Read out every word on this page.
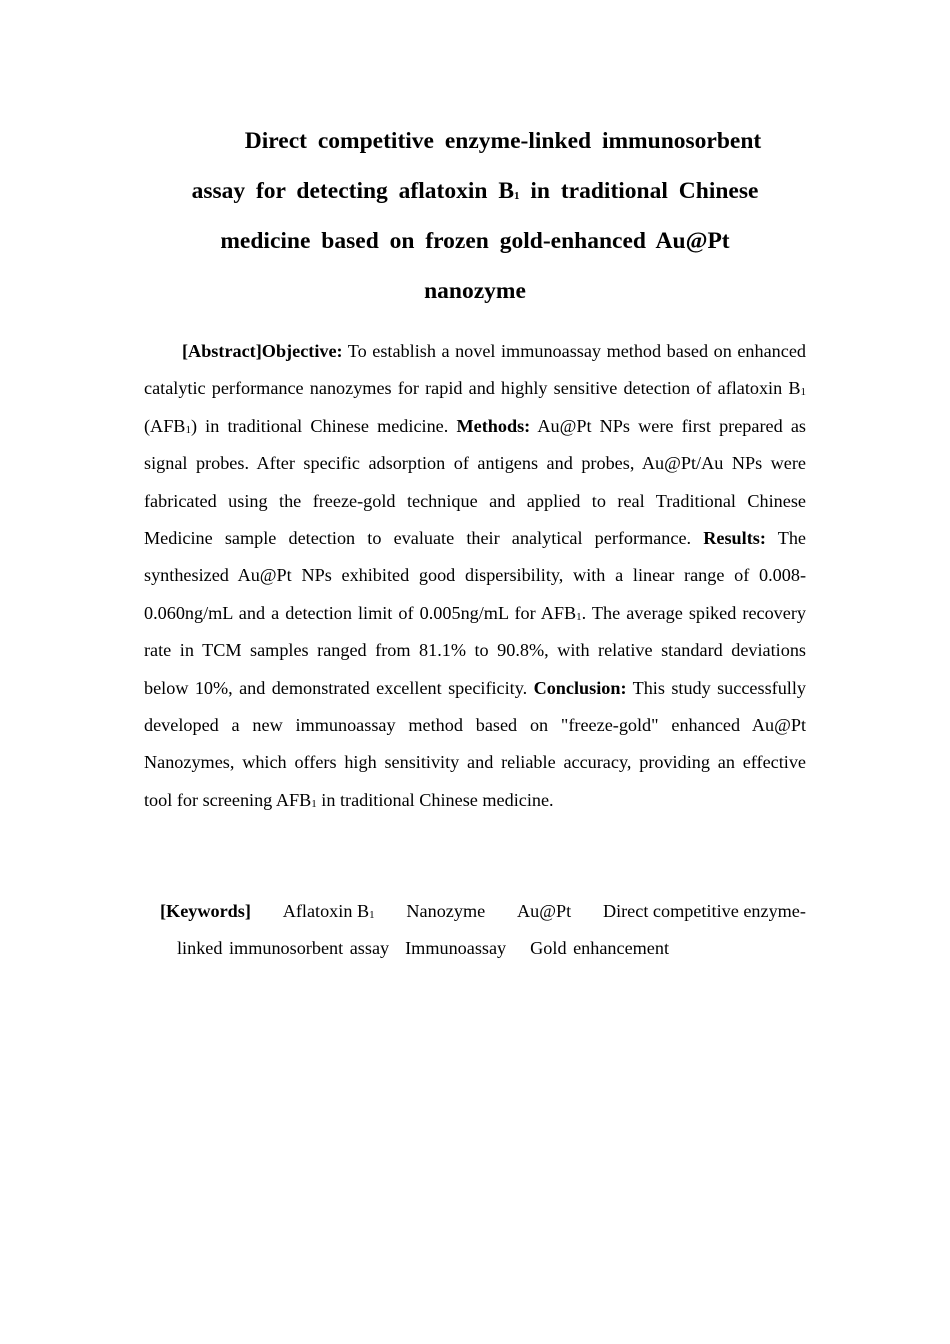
Direct competitive enzyme-linked immunosorbent
assay for detecting aflatoxin $B_1$ in traditional Chinese
medicine based on frozen gold-enhanced Au@Pt
nanozyme
[Abstract]Objective: To establish a novel immunoassay method based on enhanced catalytic performance nanozymes for rapid and highly sensitive detection of aflatoxin $B_1$ $(AFB_1)$ in traditional Chinese medicine. Methods: Au@Pt NPs were first prepared as signal probes. After specific adsorption of antigens and probes, Au@Pt/Au NPs were fabricated using the freeze-gold technique and applied to real Traditional Chinese Medicine sample detection to evaluate their analytical performance. Results: The synthesized Au@Pt NPs exhibited good dispersibility, with a linear range of 0.008-0.060ng/mL and a detection limit of 0.005ng/mL for $AFB_1$. The average spiked recovery rate in TCM samples ranged from 81.1% to 90.8%, with relative standard deviations below 10%, and demonstrated excellent specificity. Conclusion: This study successfully developed a new immunoassay method based on "freeze-gold" enhanced Au@Pt Nanozymes, which offers high sensitivity and reliable accuracy, providing an effective tool for screening $AFB_1$ in traditional Chinese medicine.
[Keywords] Aflatoxin $B_1$ Nanozyme Au@Pt Direct competitive enzyme-
linked immunosorbent assay Immunoassay Gold enhancement
